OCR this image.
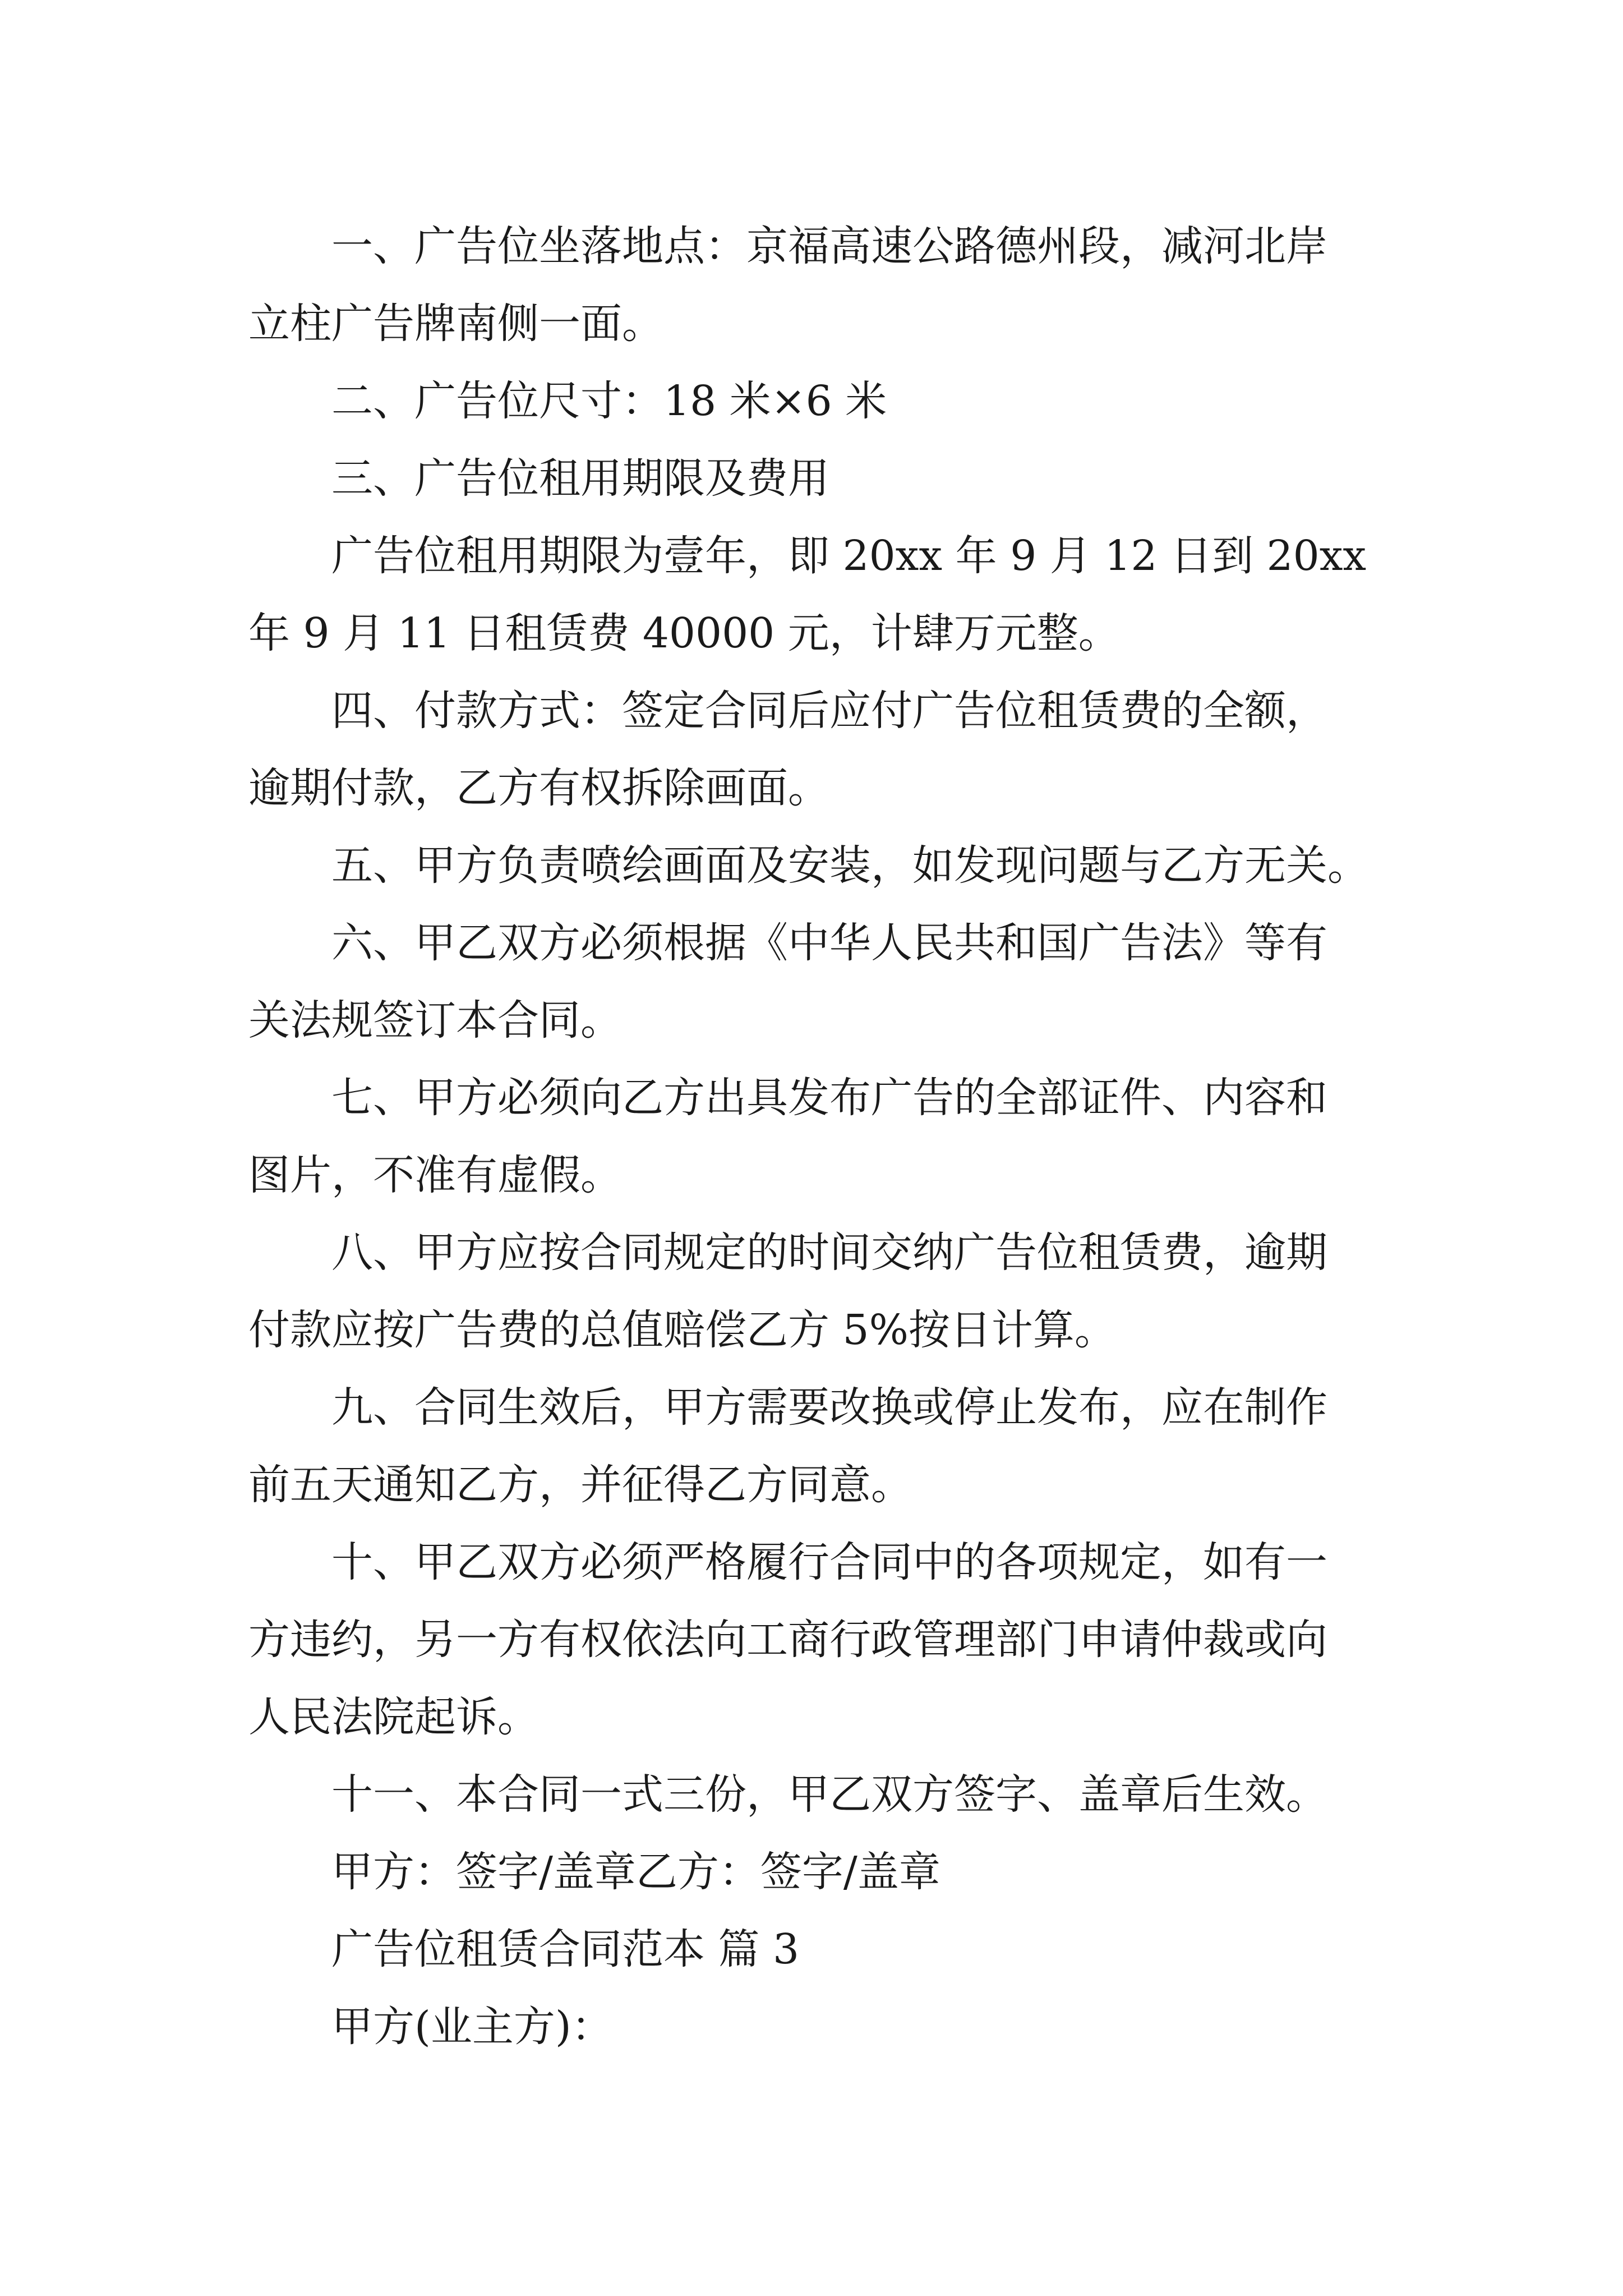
一、广告位坐落地点：京福高速公路德州段，减河北岸
立柱广告牌南侧一面。
二、广告位尺寸：18 米×6 米
三、广告位租用期限及费用
广告位租用期限为壹年，即 20xx 年 9 月 12 日到 20xx
年 9 月 11 日租赁费 40000 元，计肆万元整。
四、付款方式：签定合同后应付广告位租赁费的全额，
逾期付款，乙方有权拆除画面。
五、甲方负责喷绘画面及安装，如发现问题与乙方无关。
六、甲乙双方必须根据《中华人民共和国广告法》等有
关法规签订本合同。
七、甲方必须向乙方出具发布广告的全部证件、内容和
图片，不准有虚假。
八、甲方应按合同规定的时间交纳广告位租赁费，逾期
付款应按广告费的总值赔偿乙方 5%按日计算。
九、合同生效后，甲方需要改换或停止发布，应在制作
前五天通知乙方，并征得乙方同意。
十、甲乙双方必须严格履行合同中的各项规定，如有一
方违约，另一方有权依法向工商行政管理部门申请仲裁或向
人民法院起诉。
十一、本合同一式三份，甲乙双方签字、盖章后生效。
甲方：签字/盖章乙方：签字/盖章
广告位租赁合同范本 篇 3
甲方(业主方)：
